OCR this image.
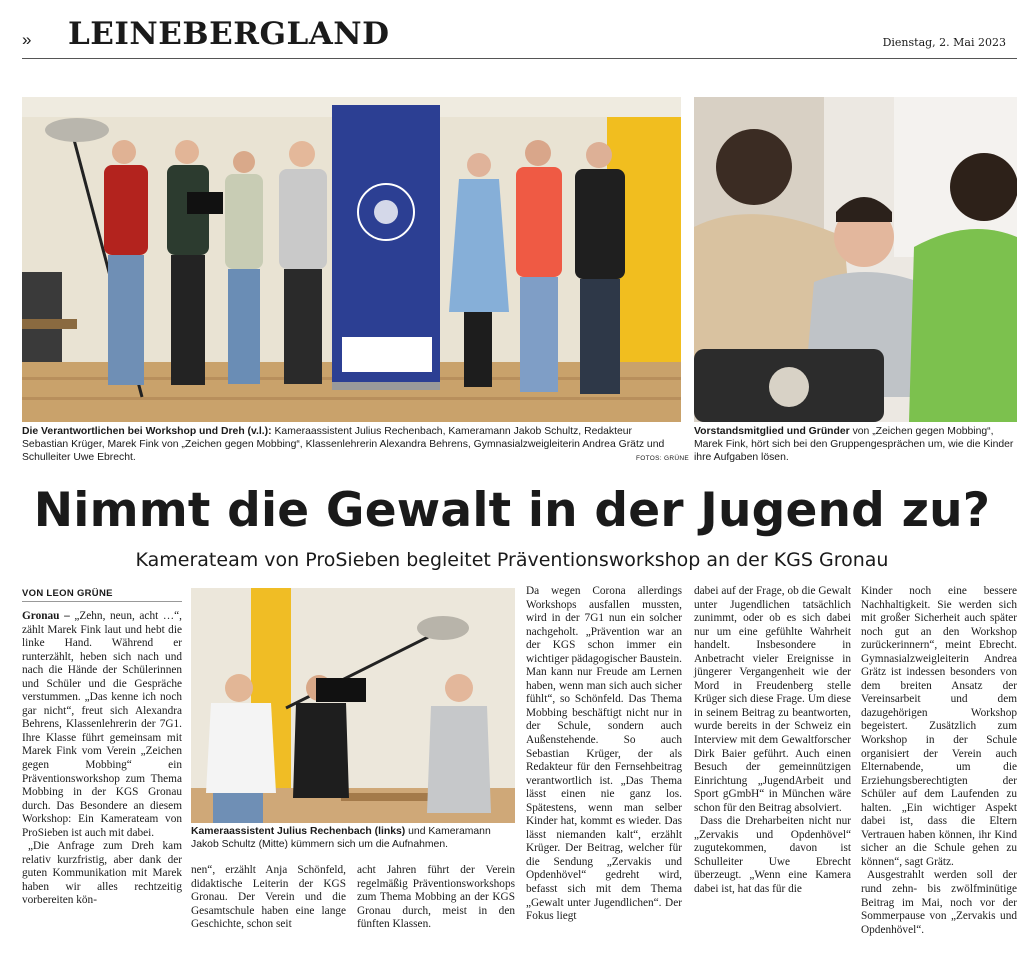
» LEINEBERGLAND	Dienstag, 2. Mai 2023

Die Verantwortlichen bei Workshop und Dreh (v.l.): Kameraassistent Julius Rechenbach, Kameramann Jakob Schultz, Redakteur Sebastian Krüger, Marek Fink von „Zeichen gegen Mobbing“, Klassenlehrerin Alexandra Behrens, Gymnasialzweigleiterin Andrea Grätz und Schulleiter Uwe Ebrecht.	FOTOS: GRÜNE

Vorstandsmitglied und Gründer von „Zeichen gegen Mobbing“, Marek Fink, hört sich bei den Gruppengesprächen um, wie die Kinder ihre Aufgaben lösen.

Nimmt die Gewalt in der Jugend zu?
Kamerateam von ProSieben begleitet Präventionsworkshop an der KGS Gronau
VON LEON GRÜNE

Kameraassistent Julius Rechenbach (links) und Kameramann Jakob Schultz (Mitte) kümmern sich um die Aufnahmen.

Gronau – „Zehn, neun, acht …“, zählt Marek Fink laut und hebt die linke Hand. Während er runterzählt, heben sich nach und nach die Hände der Schülerinnen und Schüler und die Gespräche verstummen. „Das kenne ich noch gar nicht“, freut sich Alexandra Behrens, Klassenlehrerin der 7G1. Ihre Klasse führt gemeinsam mit Marek Fink vom Verein „Zeichen gegen Mobbing“ ein Präventionsworkshop zum Thema Mobbing in der KGS Gronau durch. Das Besondere an diesem Workshop: Ein Kamerateam von ProSieben ist auch mit dabei.

„Die Anfrage zum Dreh kam relativ kurzfristig, aber dank der guten Kommunikation mit Marek haben wir alles rechtzeitig vorbereiten kön-

nen“, erzählt Anja Schönfeld, didaktische Leiterin der KGS Gronau. Der Verein und die Gesamtschule haben eine lange Geschichte, schon seit

acht Jahren führt der Verein regelmäßig Präventionsworkshops zum Thema Mobbing an der KGS Gronau durch, meist in den fünften Klassen.

Da wegen Corona allerdings Workshops ausfallen mussten, wird in der 7G1 nun ein solcher nachgeholt. „Prävention war an der KGS schon immer ein wichtiger pädagogischer Baustein. Man kann nur Freude am Lernen haben, wenn man sich auch sicher fühlt“, so Schönfeld. Das Thema Mobbing beschäftigt nicht nur in der Schule, sondern auch Außenstehende. So auch Sebastian Krüger, der als Redakteur für den Fernsehbeitrag verantwortlich ist. „Das Thema lässt einen nie ganz los. Spätestens, wenn man selber Kinder hat, kommt es wieder. Das lässt niemanden kalt“, erzählt Krüger. Der Beitrag, welcher für die Sendung „Zervakis und Opdenhövel“ gedreht wird, befasst sich mit dem Thema „Gewalt unter Jugendlichen“. Der Fokus liegt

dabei auf der Frage, ob die Gewalt unter Jugendlichen tatsächlich zunimmt, oder ob es sich dabei nur um eine gefühlte Wahrheit handelt. Insbesondere in Anbetracht vieler Ereignisse in jüngerer Vergangenheit wie der Mord in Freudenberg stelle Krüger sich diese Frage. Um diese in seinem Beitrag zu beantworten, wurde bereits in der Schweiz ein Interview mit dem Gewaltforscher Dirk Baier geführt. Auch einen Besuch der gemeinnützigen Einrichtung „JugendArbeit und Sport gGmbH“ in München wäre schon für den Beitrag absolviert.

Dass die Dreharbeiten nicht nur „Zervakis und Opdenhövel“ zugutekommen, davon ist Schulleiter Uwe Ebrecht überzeugt. „Wenn eine Kamera dabei ist, hat das für die

Kinder noch eine bessere Nachhaltigkeit. Sie werden sich mit großer Sicherheit auch später noch gut an den Workshop zurückerinnern“, meint Ebrecht. Gymnasialzweigleiterin Andrea Grätz ist indessen besonders von dem breiten Ansatz der Vereinsarbeit und dem dazugehörigen Workshop begeistert. Zusätzlich zum Workshop in der Schule organisiert der Verein auch Elternabende, um die Erziehungsberechtigten der Schüler auf dem Laufenden zu halten. „Ein wichtiger Aspekt dabei ist, dass die Eltern Vertrauen haben können, ihr Kind sicher an die Schule gehen zu können“, sagt Grätz.

Ausgestrahlt werden soll der rund zehn- bis zwölfminütige Beitrag im Mai, noch vor der Sommerpause von „Zervakis und Opdenhövel“.
